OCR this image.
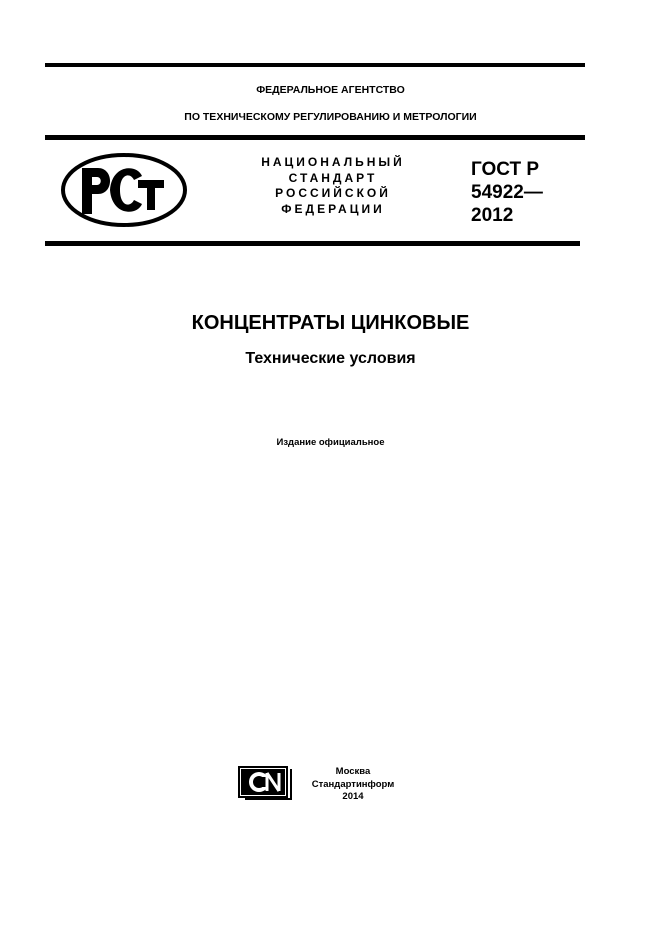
ФЕДЕРАЛЬНОЕ АГЕНТСТВО
ПО ТЕХНИЧЕСКОМУ РЕГУЛИРОВАНИЮ И МЕТРОЛОГИИ
НАЦИОНАЛЬНЫЙ
СТАНДАРТ
РОССИЙСКОЙ
ФЕДЕРАЦИИ
ГОСТ Р
54922—
2012
КОНЦЕНТРАТЫ ЦИНКОВЫЕ
Технические условия
Издание официальное
Москва
Стандартинформ
2014
